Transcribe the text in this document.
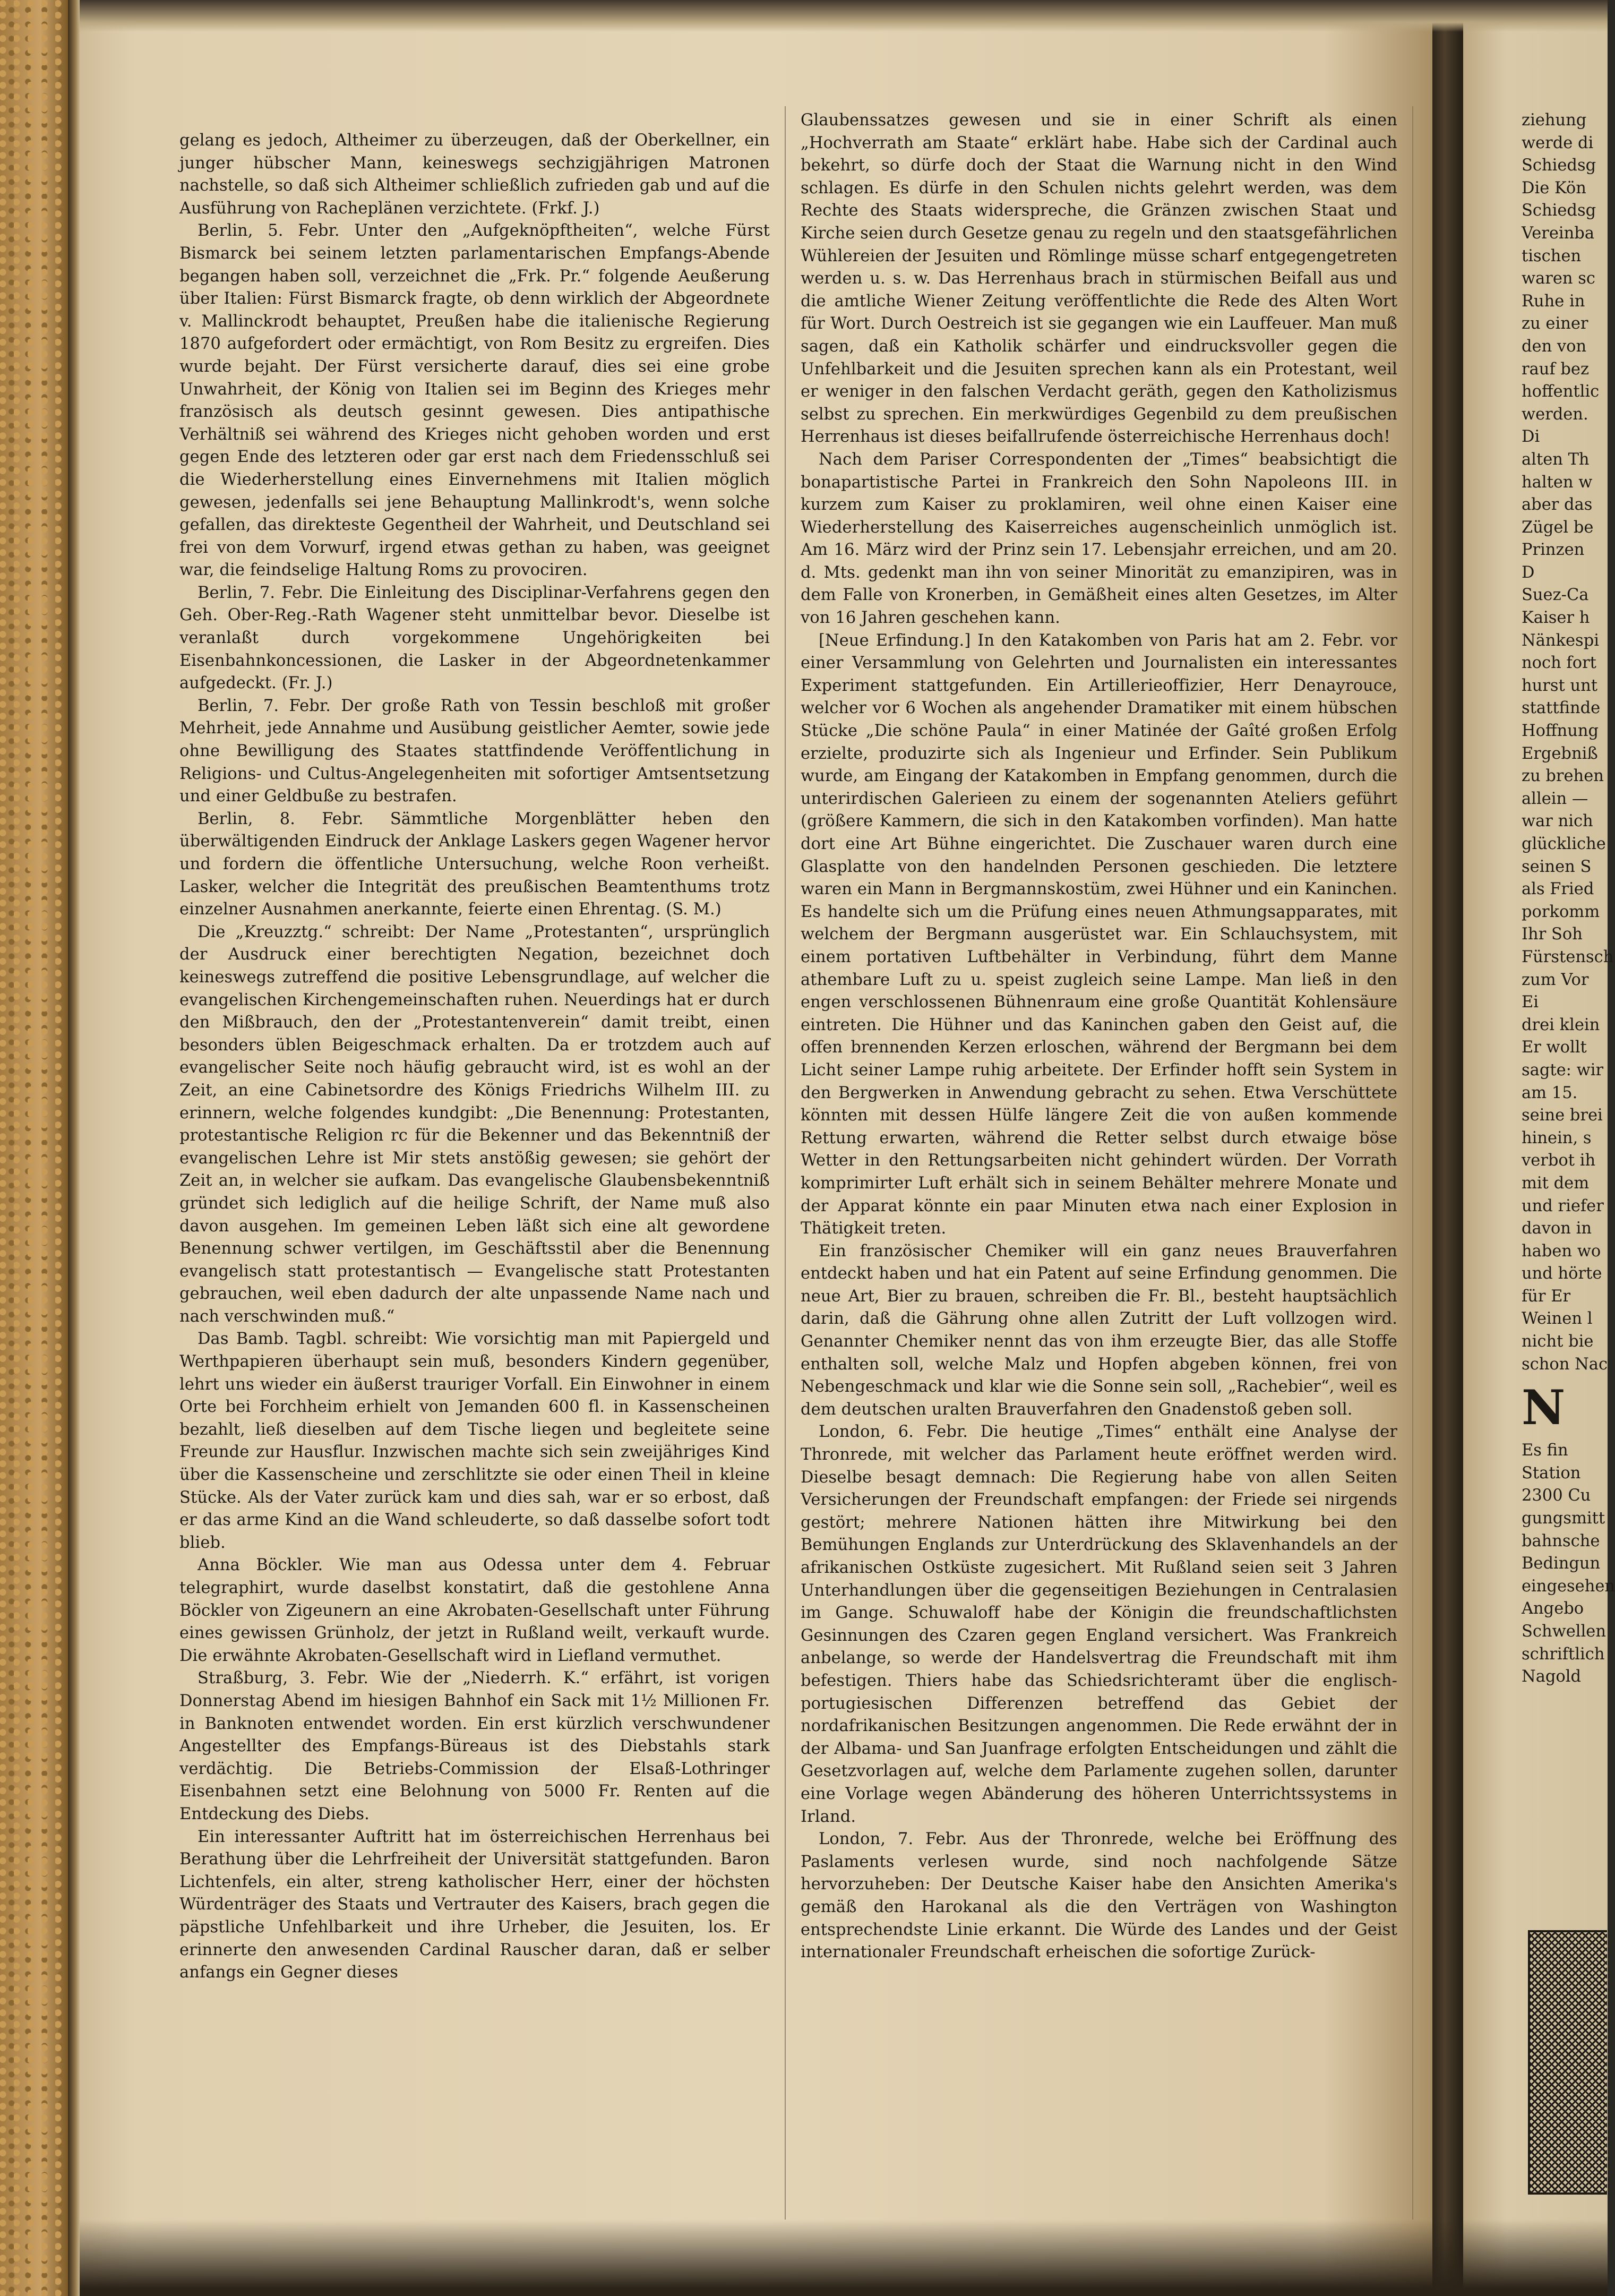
gelang es jedoch, Altheimer zu überzeugen, daß der Oberkellner, ein junger hübscher Mann, keineswegs sechzigjährigen Matronen nachstelle, so daß sich Altheimer schließlich zufrieden gab und auf die Ausführung von Racheplänen verzichtete. (Frkf. J.)

Berlin, 5. Febr. Unter den „Aufgeknöpftheiten“, welche Fürst Bismarck bei seinem letzten parlamentarischen Empfangs-Abende begangen haben soll, verzeichnet die „Frk. Pr.“ folgende Aeußerung über Italien: Fürst Bismarck fragte, ob denn wirklich der Abgeordnete v. Mallinckrodt behauptet, Preußen habe die italienische Regierung 1870 aufgefordert oder ermächtigt, von Rom Besitz zu ergreifen. Dies wurde bejaht. Der Fürst versicherte darauf, dies sei eine grobe Unwahrheit, der König von Italien sei im Beginn des Krieges mehr französisch als deutsch gesinnt gewesen. Dies antipathische Verhältniß sei während des Krieges nicht gehoben worden und erst gegen Ende des letzteren oder gar erst nach dem Friedensschluß sei die Wiederherstellung eines Einvernehmens mit Italien möglich gewesen, jedenfalls sei jene Behauptung Mallinkrodt's, wenn solche gefallen, das direkteste Gegentheil der Wahrheit, und Deutschland sei frei von dem Vorwurf, irgend etwas gethan zu haben, was geeignet war, die feindselige Haltung Roms zu provociren.

Berlin, 7. Febr. Die Einleitung des Disciplinar-Verfahrens gegen den Geh. Ober-Reg.-Rath Wagener steht unmittelbar bevor. Dieselbe ist veranlaßt durch vorgekommene Ungehörigkeiten bei Eisenbahnkoncessionen, die Lasker in der Abgeordnetenkammer aufgedeckt. (Fr. J.)

Berlin, 7. Febr. Der große Rath von Tessin beschloß mit großer Mehrheit, jede Annahme und Ausübung geistlicher Aemter, sowie jede ohne Bewilligung des Staates stattfindende Veröffentlichung in Religions- und Cultus-Angelegenheiten mit sofortiger Amtsentsetzung und einer Geldbuße zu bestrafen.

Berlin, 8. Febr. Sämmtliche Morgenblätter heben den überwältigenden Eindruck der Anklage Laskers gegen Wagener hervor und fordern die öffentliche Untersuchung, welche Roon verheißt. Lasker, welcher die Integrität des preußischen Beamtenthums trotz einzelner Ausnahmen anerkannte, feierte einen Ehrentag. (S. M.)

Die „Kreuzztg.“ schreibt: Der Name „Protestanten“, ursprünglich der Ausdruck einer berechtigten Negation, bezeichnet doch keineswegs zutreffend die positive Lebensgrundlage, auf welcher die evangelischen Kirchengemeinschaften ruhen. Neuerdings hat er durch den Mißbrauch, den der „Protestantenverein“ damit treibt, einen besonders üblen Beigeschmack erhalten. Da er trotzdem auch auf evangelischer Seite noch häufig gebraucht wird, ist es wohl an der Zeit, an eine Cabinetsordre des Königs Friedrichs Wilhelm III. zu erinnern, welche folgendes kundgibt: „Die Benennung: Protestanten, protestantische Religion rc für die Bekenner und das Bekenntniß der evangelischen Lehre ist Mir stets anstößig gewesen; sie gehört der Zeit an, in welcher sie aufkam. Das evangelische Glaubensbekenntniß gründet sich lediglich auf die heilige Schrift, der Name muß also davon ausgehen. Im gemeinen Leben läßt sich eine alt gewordene Benennung schwer vertilgen, im Geschäftsstil aber die Benennung evangelisch statt protestantisch — Evangelische statt Protestanten gebrauchen, weil eben dadurch der alte unpassende Name nach und nach verschwinden muß.“

Das Bamb. Tagbl. schreibt: Wie vorsichtig man mit Papiergeld und Werthpapieren überhaupt sein muß, besonders Kindern gegenüber, lehrt uns wieder ein äußerst trauriger Vorfall. Ein Einwohner in einem Orte bei Forchheim erhielt von Jemanden 600 fl. in Kassenscheinen bezahlt, ließ dieselben auf dem Tische liegen und begleitete seine Freunde zur Hausflur. Inzwischen machte sich sein zweijähriges Kind über die Kassenscheine und zerschlitzte sie oder einen Theil in kleine Stücke. Als der Vater zurück kam und dies sah, war er so erbost, daß er das arme Kind an die Wand schleuderte, so daß dasselbe sofort todt blieb.

Anna Böckler. Wie man aus Odessa unter dem 4. Februar telegraphirt, wurde daselbst konstatirt, daß die gestohlene Anna Böckler von Zigeunern an eine Akrobaten-Gesellschaft unter Führung eines gewissen Grünholz, der jetzt in Rußland weilt, verkauft wurde. Die erwähnte Akrobaten-Gesellschaft wird in Liefland vermuthet.

Straßburg, 3. Febr. Wie der „Niederrh. K.“ erfährt, ist vorigen Donnerstag Abend im hiesigen Bahnhof ein Sack mit 1½ Millionen Fr. in Banknoten entwendet worden. Ein erst kürzlich verschwundener Angestellter des Empfangs-Büreaus ist des Diebstahls stark verdächtig. Die Betriebs-Commission der Elsaß-Lothringer Eisenbahnen setzt eine Belohnung von 5000 Fr. Renten auf die Entdeckung des Diebs.

Ein interessanter Auftritt hat im österreichischen Herrenhaus bei Berathung über die Lehrfreiheit der Universität stattgefunden. Baron Lichtenfels, ein alter, streng katholischer Herr, einer der höchsten Würdenträger des Staats und Vertrauter des Kaisers, brach gegen die päpstliche Unfehlbarkeit und ihre Urheber, die Jesuiten, los. Er erinnerte den anwesenden Cardinal Rauscher daran, daß er selber anfangs ein Gegner dieses

Glaubenssatzes gewesen und sie in einer Schrift als einen „Hochverrath am Staate“ erklärt habe. Habe sich der Cardinal auch bekehrt, so dürfe doch der Staat die Warnung nicht in den Wind schlagen. Es dürfe in den Schulen nichts gelehrt werden, was dem Rechte des Staats widerspreche, die Gränzen zwischen Staat und Kirche seien durch Gesetze genau zu regeln und den staatsgefährlichen Wühlereien der Jesuiten und Römlinge müsse scharf entgegengetreten werden u. s. w. Das Herrenhaus brach in stürmischen Beifall aus und die amtliche Wiener Zeitung veröffentlichte die Rede des Alten Wort für Wort. Durch Oestreich ist sie gegangen wie ein Lauffeuer. Man muß sagen, daß ein Katholik schärfer und eindrucksvoller gegen die Unfehlbarkeit und die Jesuiten sprechen kann als ein Protestant, weil er weniger in den falschen Verdacht geräth, gegen den Katholizismus selbst zu sprechen. Ein merkwürdiges Gegenbild zu dem preußischen Herrenhaus ist dieses beifallrufende österreichische Herrenhaus doch!

Nach dem Pariser Correspondenten der „Times“ beabsichtigt die bonapartistische Partei in Frankreich den Sohn Napoleons III. in kurzem zum Kaiser zu proklamiren, weil ohne einen Kaiser eine Wiederherstellung des Kaiserreiches augenscheinlich unmöglich ist. Am 16. März wird der Prinz sein 17. Lebensjahr erreichen, und am 20. d. Mts. gedenkt man ihn von seiner Minorität zu emanzipiren, was in dem Falle von Kronerben, in Gemäßheit eines alten Gesetzes, im Alter von 16 Jahren geschehen kann.

[Neue Erfindung.] In den Katakomben von Paris hat am 2. Febr. vor einer Versammlung von Gelehrten und Journalisten ein interessantes Experiment stattgefunden. Ein Artillerieoffizier, Herr Denayrouce, welcher vor 6 Wochen als angehender Dramatiker mit einem hübschen Stücke „Die schöne Paula“ in einer Matinée der Gaîté großen Erfolg erzielte, produzirte sich als Ingenieur und Erfinder. Sein Publikum wurde, am Eingang der Katakomben in Empfang genommen, durch die unterirdischen Galerieen zu einem der sogenannten Ateliers geführt (größere Kammern, die sich in den Katakomben vorfinden). Man hatte dort eine Art Bühne eingerichtet. Die Zuschauer waren durch eine Glasplatte von den handelnden Personen geschieden. Die letztere waren ein Mann in Bergmannskostüm, zwei Hühner und ein Kaninchen. Es handelte sich um die Prüfung eines neuen Athmungsapparates, mit welchem der Bergmann ausgerüstet war. Ein Schlauchsystem, mit einem portativen Luftbehälter in Verbindung, führt dem Manne athembare Luft zu u. speist zugleich seine Lampe. Man ließ in den engen verschlossenen Bühnenraum eine große Quantität Kohlensäure eintreten. Die Hühner und das Kaninchen gaben den Geist auf, die offen brennenden Kerzen erloschen, während der Bergmann bei dem Licht seiner Lampe ruhig arbeitete. Der Erfinder hofft sein System in den Bergwerken in Anwendung gebracht zu sehen. Etwa Verschüttete könnten mit dessen Hülfe längere Zeit die von außen kommende Rettung erwarten, während die Retter selbst durch etwaige böse Wetter in den Rettungsarbeiten nicht gehindert würden. Der Vorrath komprimirter Luft erhält sich in seinem Behälter mehrere Monate und der Apparat könnte ein paar Minuten etwa nach einer Explosion in Thätigkeit treten.

Ein französischer Chemiker will ein ganz neues Brauverfahren entdeckt haben und hat ein Patent auf seine Erfindung genommen. Die neue Art, Bier zu brauen, schreiben die Fr. Bl., besteht hauptsächlich darin, daß die Gährung ohne allen Zutritt der Luft vollzogen wird. Genannter Chemiker nennt das von ihm erzeugte Bier, das alle Stoffe enthalten soll, welche Malz und Hopfen abgeben können, frei von Nebengeschmack und klar wie die Sonne sein soll, „Rachebier“, weil es dem deutschen uralten Brauverfahren den Gnadenstoß geben soll.

London, 6. Febr. Die heutige „Times“ enthält eine Analyse der Thronrede, mit welcher das Parlament heute eröffnet werden wird. Dieselbe besagt demnach: Die Regierung habe von allen Seiten Versicherungen der Freundschaft empfangen: der Friede sei nirgends gestört; mehrere Nationen hätten ihre Mitwirkung bei den Bemühungen Englands zur Unterdrückung des Sklavenhandels an der afrikanischen Ostküste zugesichert. Mit Rußland seien seit 3 Jahren Unterhandlungen über die gegenseitigen Beziehungen in Centralasien im Gange. Schuwaloff habe der Königin die freundschaftlichsten Gesinnungen des Czaren gegen England versichert. Was Frankreich anbelange, so werde der Handelsvertrag die Freundschaft mit ihm befestigen. Thiers habe das Schiedsrichteramt über die englisch-portugiesischen Differenzen betreffend das Gebiet der nordafrikanischen Besitzungen angenommen. Die Rede erwähnt der in der Albama- und San Juanfrage erfolgten Entscheidungen und zählt die Gesetzvorlagen auf, welche dem Parlamente zugehen sollen, darunter eine Vorlage wegen Abänderung des höheren Unterrichtssystems in Irland.

London, 7. Febr. Aus der Thronrede, welche bei Eröffnung des Paslaments verlesen wurde, sind noch nachfolgende Sätze hervorzuheben: Der Deutsche Kaiser habe den Ansichten Amerika's gemäß den Harokanal als die den Verträgen von Washington entsprechendste Linie erkannt. Die Würde des Landes und der Geist internationaler Freundschaft erheischen die sofortige Zurück-

ziehung
werde di
Schiedsg
Die Kön
Schiedsg
Vereinba
tischen
waren sc
Ruhe in
zu einer
den von
rauf bez
hoffentlic
werden.
Di
alten Th
halten w
aber das
Zügel be
Prinzen
D
Suez-Ca
Kaiser h
Nänkespi
noch fort
hurst unt
stattfinde
Hoffnung
Ergebniß
zu brehen
allein —
war nich
glückliche
seinen S
als Fried
porkomm
Ihr Soh
Fürstensch
zum Vor
Ei
drei klein
Er wollt
sagte: wir
am 15.
seine brei
hinein, s
verbot ih
mit dem
und riefer
davon in
haben wo
und hörte
für Er
Weinen l
nicht bie
schon Nac
N
Es fin
Station
2300 Cu
gungsmitt
bahnsche
Bedingun
eingesehen
Angebo
Schwellen
schriftlich
Nagold
